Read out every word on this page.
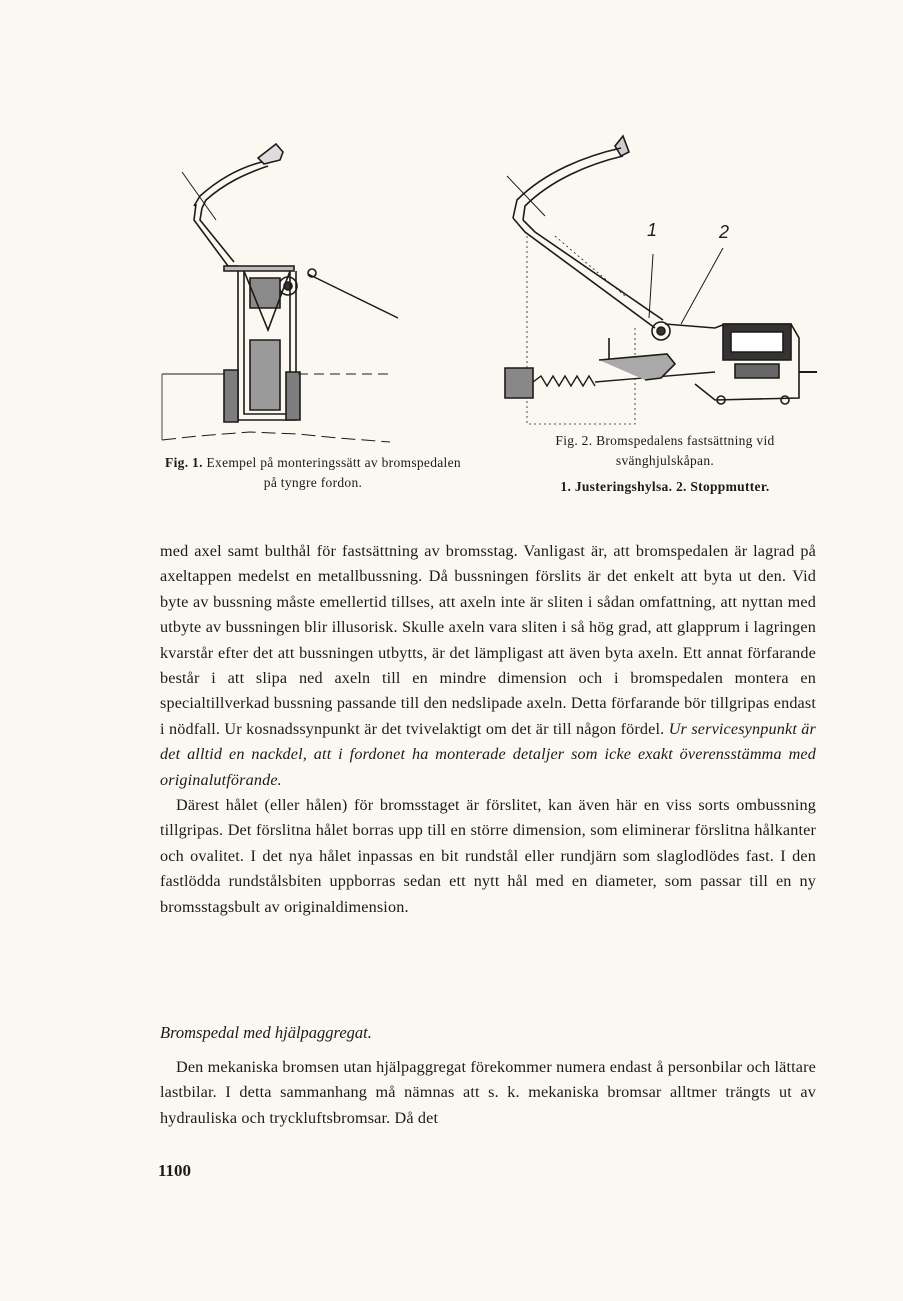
Fig. 1. Exempel på monteringssätt av bromspedalen på tyngre fordon.
1	2
Fig. 2. Bromspedalens fastsättning vid
svänghjulskåpan.
1. Justeringshylsa. 2. Stoppmutter.

med axel samt bulthål för fastsättning av bromsstag. Vanligast är, att bromspedalen är lagrad på axeltappen medelst en metallbussning. Då bussningen förslits är det enkelt att byta ut den. Vid byte av bussning måste emellertid tillses, att axeln inte är sliten i sådan omfattning, att nyttan med utbyte av bussningen blir illusorisk. Skulle axeln vara sliten i så hög grad, att glapprum i lagringen kvarstår efter det att bussningen utbytts, är det lämpligast att även byta axeln. Ett annat förfarande består i att slipa ned axeln till en mindre dimension och i bromspedalen montera en specialtillverkad bussning passande till den nedslipade axeln. Detta förfarande bör tillgripas endast i nödfall. Ur kosnadssynpunkt är det tvivelaktigt om det är till någon fördel. Ur servicesynpunkt är det alltid en nackdel, att i fordonet ha monterade detaljer som icke exakt överensstämma med originalutförande.

Därest hålet (eller hålen) för bromsstaget är förslitet, kan även här en viss sorts ombussning tillgripas. Det förslitna hålet borras upp till en större dimension, som eliminerar förslitna hålkanter och ovalitet. I det nya hålet inpassas en bit rundstål eller rundjärn som slaglodlödes fast. I den fastlödda rundstålsbiten uppborras sedan ett nytt hål med en diameter, som passar till en ny bromsstagsbult av originaldimension.

Bromspedal med hjälpaggregat.

Den mekaniska bromsen utan hjälpaggregat förekommer numera endast å personbilar och lättare lastbilar. I detta sammanhang må nämnas att s. k. mekaniska bromsar alltmer trängts ut av hydrauliska och tryckluftsbromsar. Då det

1100
